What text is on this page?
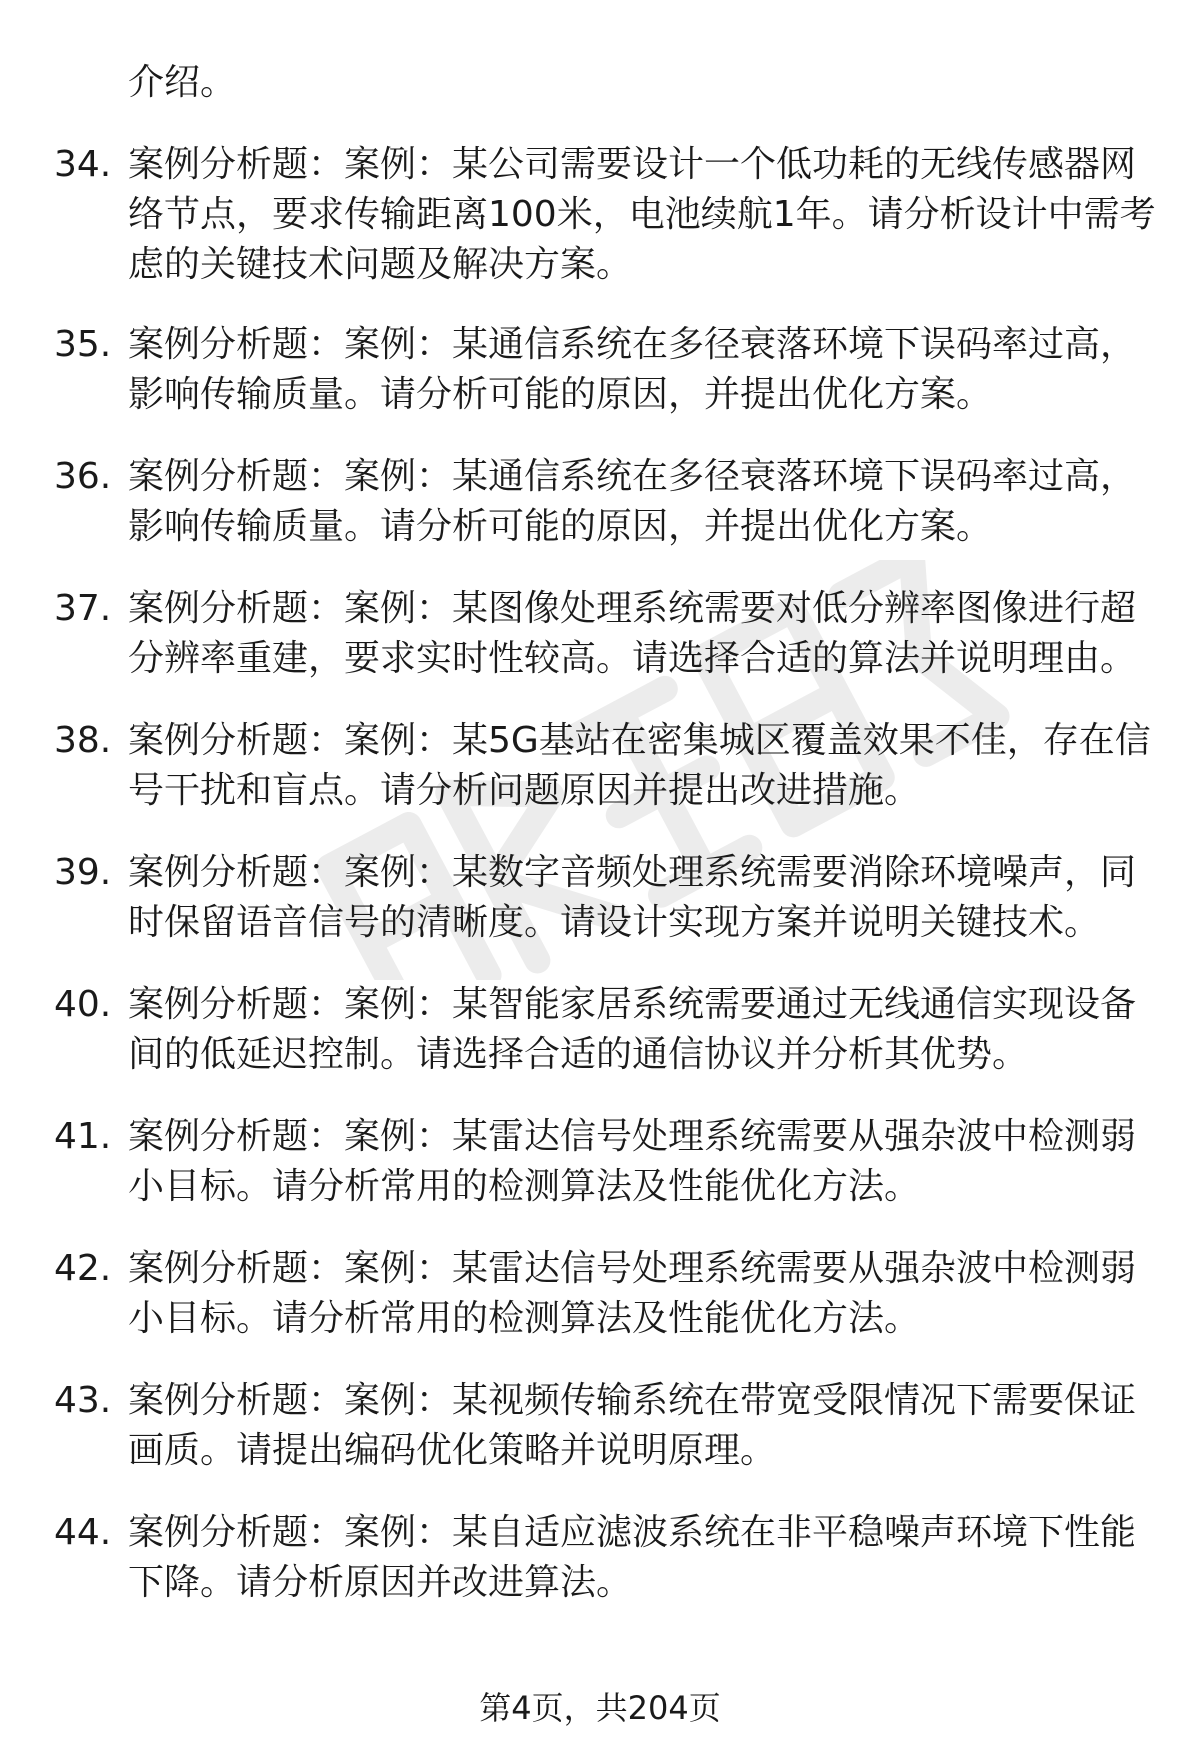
介绍。

34. 案例分析题：案例：某公司需要设计一个低功耗的无线传感器网络节点，要求传输距离100米，电池续航1年。请分析设计中需考虑的关键技术问题及解决方案。
35. 案例分析题：案例：某通信系统在多径衰落环境下误码率过高，影响传输质量。请分析可能的原因，并提出优化方案。
36. 案例分析题：案例：某通信系统在多径衰落环境下误码率过高，影响传输质量。请分析可能的原因，并提出优化方案。
37. 案例分析题：案例：某图像处理系统需要对低分辨率图像进行超分辨率重建，要求实时性较高。请选择合适的算法并说明理由。
38. 案例分析题：案例：某5G基站在密集城区覆盖效果不佳，存在信号干扰和盲点。请分析问题原因并提出改进措施。
39. 案例分析题：案例：某数字音频处理系统需要消除环境噪声，同时保留语音信号的清晰度。请设计实现方案并说明关键技术。
40. 案例分析题：案例：某智能家居系统需要通过无线通信实现设备间的低延迟控制。请选择合适的通信协议并分析其优势。
41. 案例分析题：案例：某雷达信号处理系统需要从强杂波中检测弱小目标。请分析常用的检测算法及性能优化方法。
42. 案例分析题：案例：某雷达信号处理系统需要从强杂波中检测弱小目标。请分析常用的检测算法及性能优化方法。
43. 案例分析题：案例：某视频传输系统在带宽受限情况下需要保证画质。请提出编码优化策略并说明原理。
44. 案例分析题：案例：某自适应滤波系统在非平稳噪声环境下性能下降。请分析原因并改进算法。
第4页，共204页
